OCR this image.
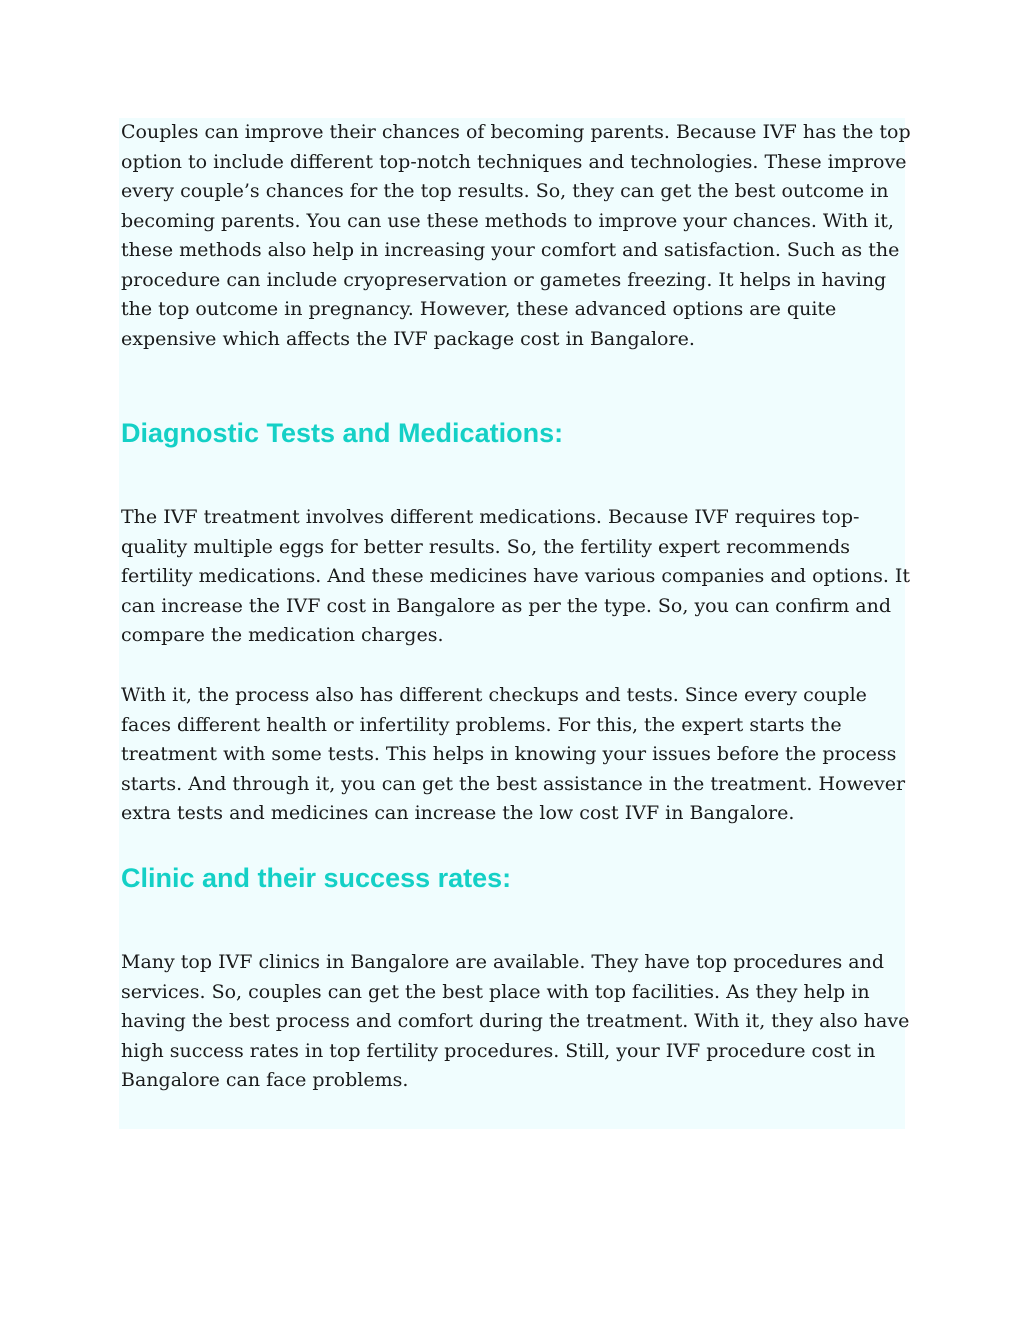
Couples can improve their chances of becoming parents. Because IVF has the top option to include different top-notch techniques and technologies. These improve every couple’s chances for the top results. So, they can get the best outcome in becoming parents. You can use these methods to improve your chances. With it, these methods also help in increasing your comfort and satisfaction. Such as the procedure can include cryopreservation or gametes freezing. It helps in having the top outcome in pregnancy. However, these advanced options are quite expensive which affects the IVF package cost in Bangalore.

Diagnostic Tests and Medications:

The IVF treatment involves different medications. Because IVF requires top-quality multiple eggs for better results. So, the fertility expert recommends fertility medications. And these medicines have various companies and options. It can increase the IVF cost in Bangalore as per the type. So, you can confirm and compare the medication charges.

With it, the process also has different checkups and tests. Since every couple faces different health or infertility problems. For this, the expert starts the treatment with some tests. This helps in knowing your issues before the process starts. And through it, you can get the best assistance in the treatment. However extra tests and medicines can increase the low cost IVF in Bangalore.

Clinic and their success rates:

Many top IVF clinics in Bangalore are available. They have top procedures and services. So, couples can get the best place with top facilities. As they help in having the best process and comfort during the treatment. With it, they also have high success rates in top fertility procedures. Still, your IVF procedure cost in Bangalore can face problems.
